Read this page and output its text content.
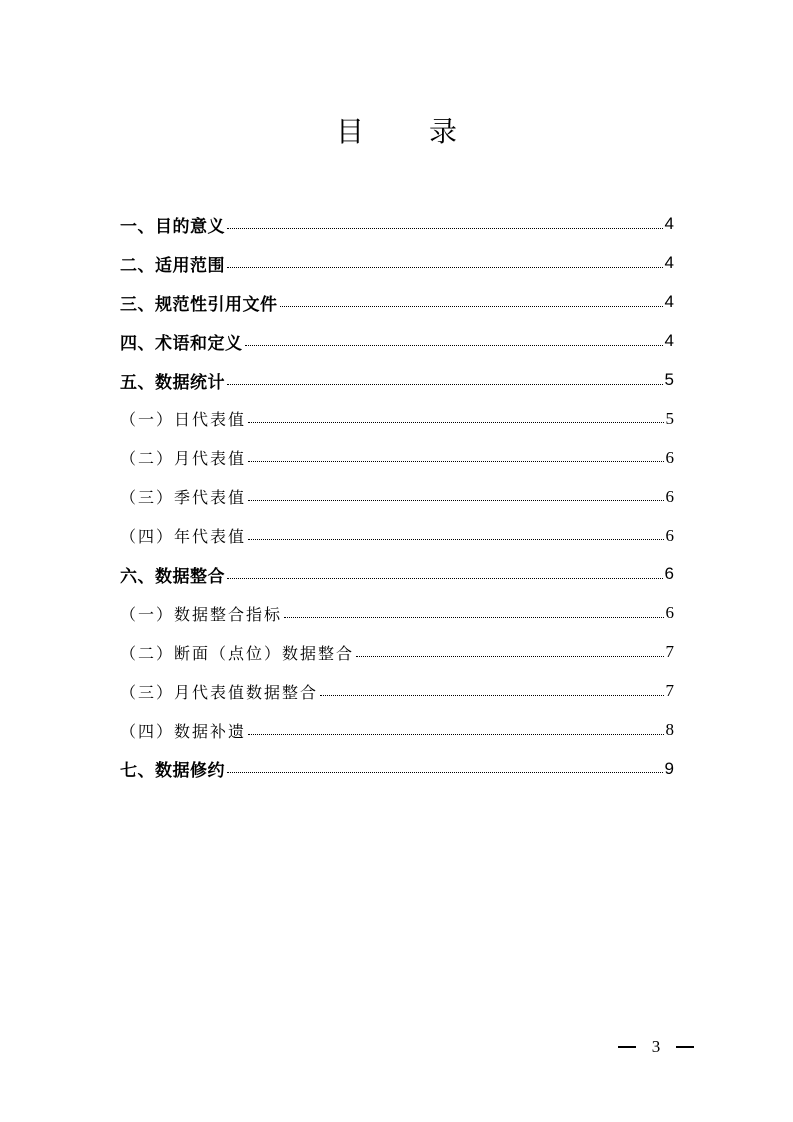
目 录
一、目的意义	4
二、适用范围	4
三、规范性引用文件	4
四、术语和定义	4
五、数据统计	5
（一）日代表值	5
（二）月代表值	6
（三）季代表值	6
（四）年代表值	6
六、数据整合	6
（一）数据整合指标	6
（二）断面（点位）数据整合	7
（三）月代表值数据整合	7
（四）数据补遗	8
七、数据修约	9
3
